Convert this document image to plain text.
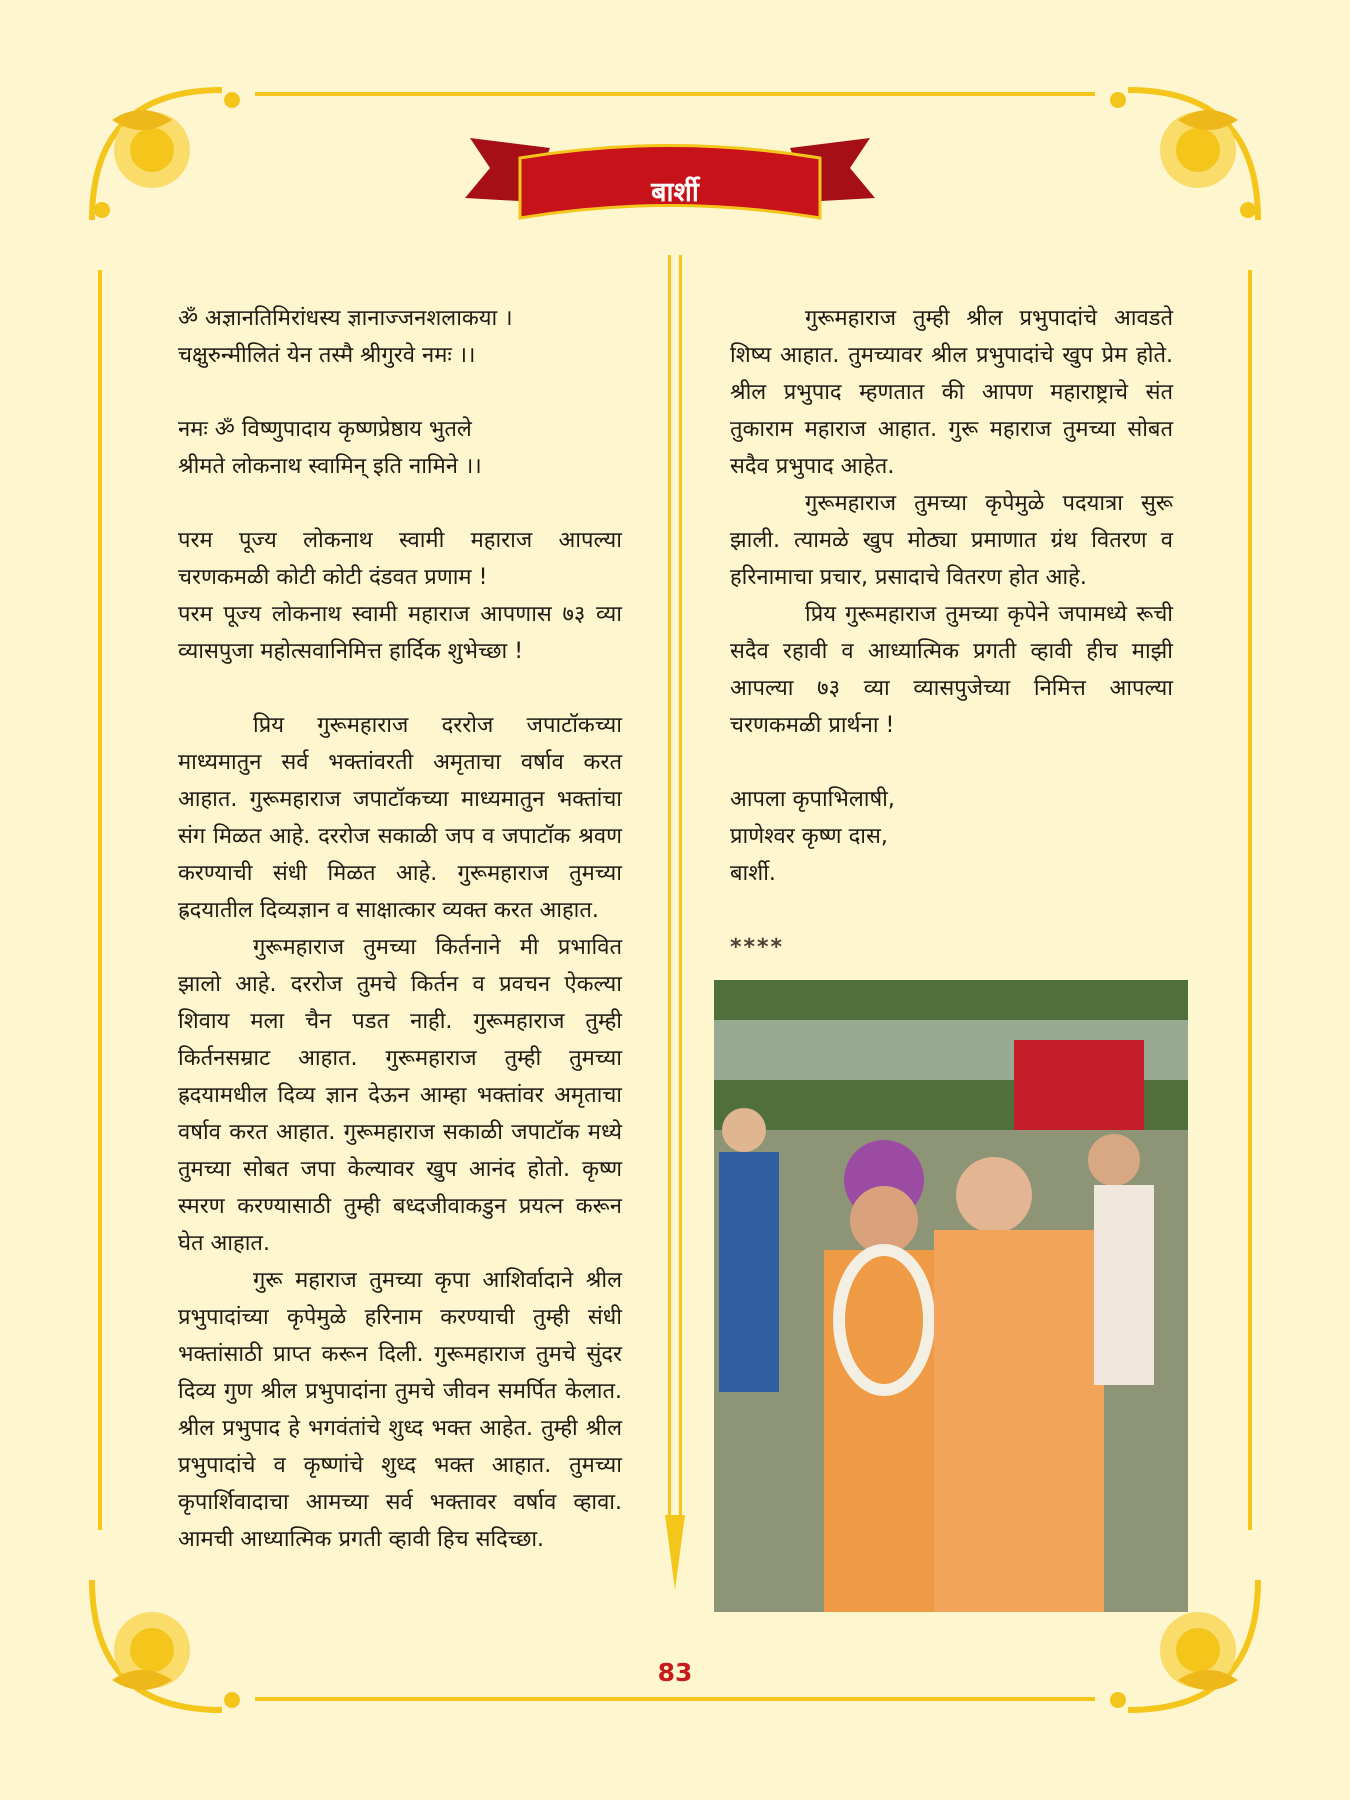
बार्शी

ॐ अज्ञानतिमिरांधस्य ज्ञानाज्जनशलाकया ।

चक्षुरुन्मीलितं येन तस्मै श्रीगुरवे नमः ।।

नमः ॐ विष्णुपादाय कृष्णप्रेष्ठाय भुतले

श्रीमते लोकनाथ स्वामिन् इति नामिने ।।

परम पूज्य लोकनाथ स्वामी महाराज आपल्या चरणकमळी कोटी कोटी दंडवत प्रणाम !

परम पूज्य लोकनाथ स्वामी महाराज आपणास ७३ व्या व्यासपुजा महोत्सवानिमित्त हार्दिक शुभेच्छा !

प्रिय गुरूमहाराज दररोज जपाटॉकच्या माध्यमातुन सर्व भक्तांवरती अमृताचा वर्षाव करत आहात. गुरूमहाराज जपाटॉकच्या माध्यमातुन भक्तांचा संग मिळत आहे. दररोज सकाळी जप व जपाटॉक श्रवण करण्याची संधी मिळत आहे. गुरूमहाराज तुमच्या ह्रदयातील दिव्यज्ञान व साक्षात्कार व्यक्त करत आहात.

गुरूमहाराज तुमच्या किर्तनाने मी प्रभावित झालो आहे. दररोज तुमचे किर्तन व प्रवचन ऐकल्या शिवाय मला चैन पडत नाही. गुरूमहाराज तुम्ही किर्तनसम्राट आहात. गुरूमहाराज तुम्ही तुमच्या ह्रदयामधील दिव्य ज्ञान देऊन आम्हा भक्तांवर अमृताचा वर्षाव करत आहात. गुरूमहाराज सकाळी जपाटॉक मध्ये तुमच्या सोबत जपा केल्यावर खुप आनंद होतो. कृष्ण स्मरण करण्यासाठी तुम्ही बध्दजीवाकडुन प्रयत्न करून घेत आहात.

गुरू महाराज तुमच्या कृपा आशिर्वादाने श्रील प्रभुपादांच्या कृपेमुळे हरिनाम करण्याची तुम्ही संधी भक्तांसाठी प्राप्त करून दिली. गुरूमहाराज तुमचे सुंदर दिव्य गुण श्रील प्रभुपादांना तुमचे जीवन समर्पित केलात. श्रील प्रभुपाद हे भगवंतांचे शुध्द भक्त आहेत. तुम्ही श्रील प्रभुपादांचे व कृष्णांचे शुध्द भक्त आहात. तुमच्या कृपार्शिवादाचा आमच्या सर्व भक्तावर वर्षाव व्हावा. आमची आध्यात्मिक प्रगती व्हावी हिच सदिच्छा.

गुरूमहाराज तुम्ही श्रील प्रभुपादांचे आवडते शिष्य आहात. तुमच्यावर श्रील प्रभुपादांचे खुप प्रेम होते. श्रील प्रभुपाद म्हणतात की आपण महाराष्ट्राचे संत तुकाराम महाराज आहात. गुरू महाराज तुमच्या सोबत सदैव प्रभुपाद आहेत.

गुरूमहाराज तुमच्या कृपेमुळे पदयात्रा सुरू झाली. त्यामळे खुप मोठ्या प्रमाणात ग्रंथ वितरण व हरिनामाचा प्रचार, प्रसादाचे वितरण होत आहे.

प्रिय गुरूमहाराज तुमच्या कृपेने जपामध्ये रूची सदैव रहावी व आध्यात्मिक प्रगती व्हावी हीच माझी आपल्या ७३ व्या व्यासपुजेच्या निमित्त आपल्या चरणकमळी प्रार्थना !

आपला कृपाभिलाषी,

प्राणेश्वर कृष्ण दास,

बार्शी.

****

83
